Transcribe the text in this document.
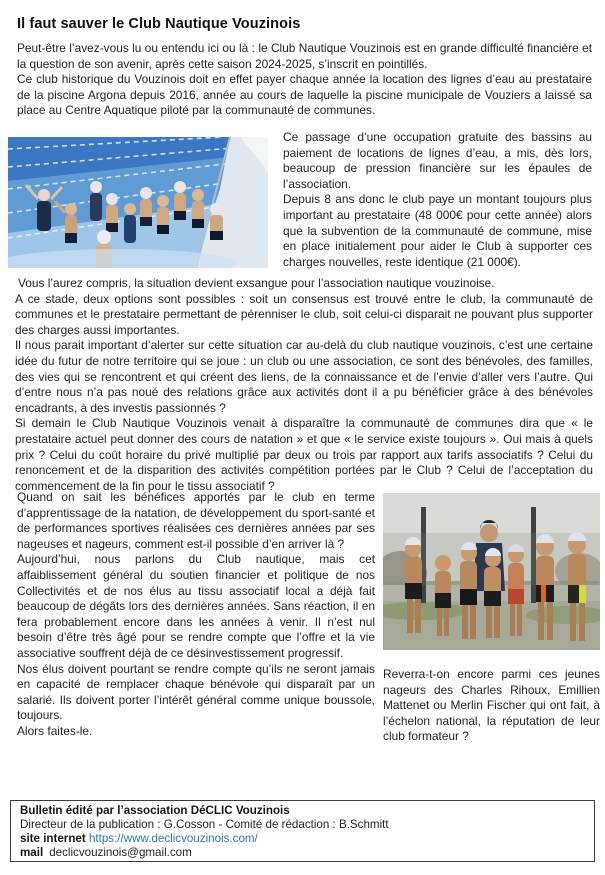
Il faut sauver le Club Nautique Vouzinois

Peut-être l’avez-vous lu ou entendu ici ou là : le Club Nautique Vouzinois est en grande difficulté financière et la question de son avenir, après cette saison 2024-2025, s’inscrit en pointillés.

Ce club historique du Vouzinois doit en effet payer chaque année la location des lignes d’eau au prestataire de la piscine Argona depuis 2016, année au cours de laquelle la piscine municipale de Vouziers a laissé sa place au Centre Aquatique piloté par la communauté de communes.

Ce passage d’une occupation gratuite des bassins au paiement de locations de lignes d’eau, a mis, dès lors, beaucoup de pression financière sur les épaules de l’association.

Depuis 8 ans donc le club paye un montant toujours plus important au prestataire (48 000€ pour cette année) alors que la subvention de la communauté de commune, mise en place initialement pour aider le Club à supporter ces charges nouvelles, reste identique (21 000€).

Vous l’aurez compris, la situation devient exsangue pour l’association nautique vouzinoise.

A ce stade, deux options sont possibles : soit un consensus est trouvé entre le club, la communauté de communes et le prestataire permettant de pérenniser le club, soit celui-ci disparait ne pouvant plus supporter des charges aussi importantes.

Il nous parait important d’alerter sur cette situation car au-delà du club nautique vouzinois, c’est une certaine idée du futur de notre territoire qui se joue : un club ou une association, ce sont des bénévoles, des familles, des vies qui se rencontrent et qui créent des liens, de la connaissance et de l’envie d’aller vers l’autre. Qui d’entre nous n’a pas noué des relations grâce aux activités dont il a pu bénéficier grâce à des bénévoles encadrants, à des investis passionnés ?

Si demain le Club Nautique Vouzinois venait à disparaître la communauté de communes dira que « le prestataire actuel peut donner des cours de natation » et que « le service existe toujours ». Oui mais à quels prix ? Celui du coût horaire du privé multiplié par deux ou trois par rapport aux tarifs associatifs ? Celui du renoncement et de la disparition des activités compétition portées par le Club ? Celui de l’acceptation du commencement de la fin pour le tissu associatif ?

Quand on sait les bénéfices apportés par le club en terme d’apprentissage de la natation, de développement du sport-santé et de performances sportives réalisées ces dernières années par ses nageuses et nageurs, comment est-il possible d’en arriver là ?

Aujourd’hui, nous parlons du Club nautique, mais cet affaiblissement général du soutien financier et politique de nos Collectivités et de nos élus au tissu associatif local a déjà fait beaucoup de dégâts lors des dernières années. Sans réaction, il en fera probablement encore dans les années à venir. Il n’est nul besoin d’être très âgé pour se rendre compte que l’offre et la vie associative souffrent déjà de ce désinvestissement progressif.

Nos élus doivent pourtant se rendre compte qu’ils ne seront jamais en capacité de remplacer chaque bénévole qui disparaît par un salarié. Ils doivent porter l’intérêt général comme unique boussole, toujours.

Alors faites-le.

Reverra-t-on encore parmi ces jeunes nageurs des Charles Rihoux, Emillien Mattenet ou Merlin Fischer qui ont fait, à l’échelon national, la réputation de leur club formateur ?

Bulletin édité par l’association DéCLIC Vouzinois

Directeur de la publication : G.Cosson - Comité de rédaction : B.Schmitt

site internet https://www.declicvouzinois.com/

mail declicvouzinois@gmail.com
